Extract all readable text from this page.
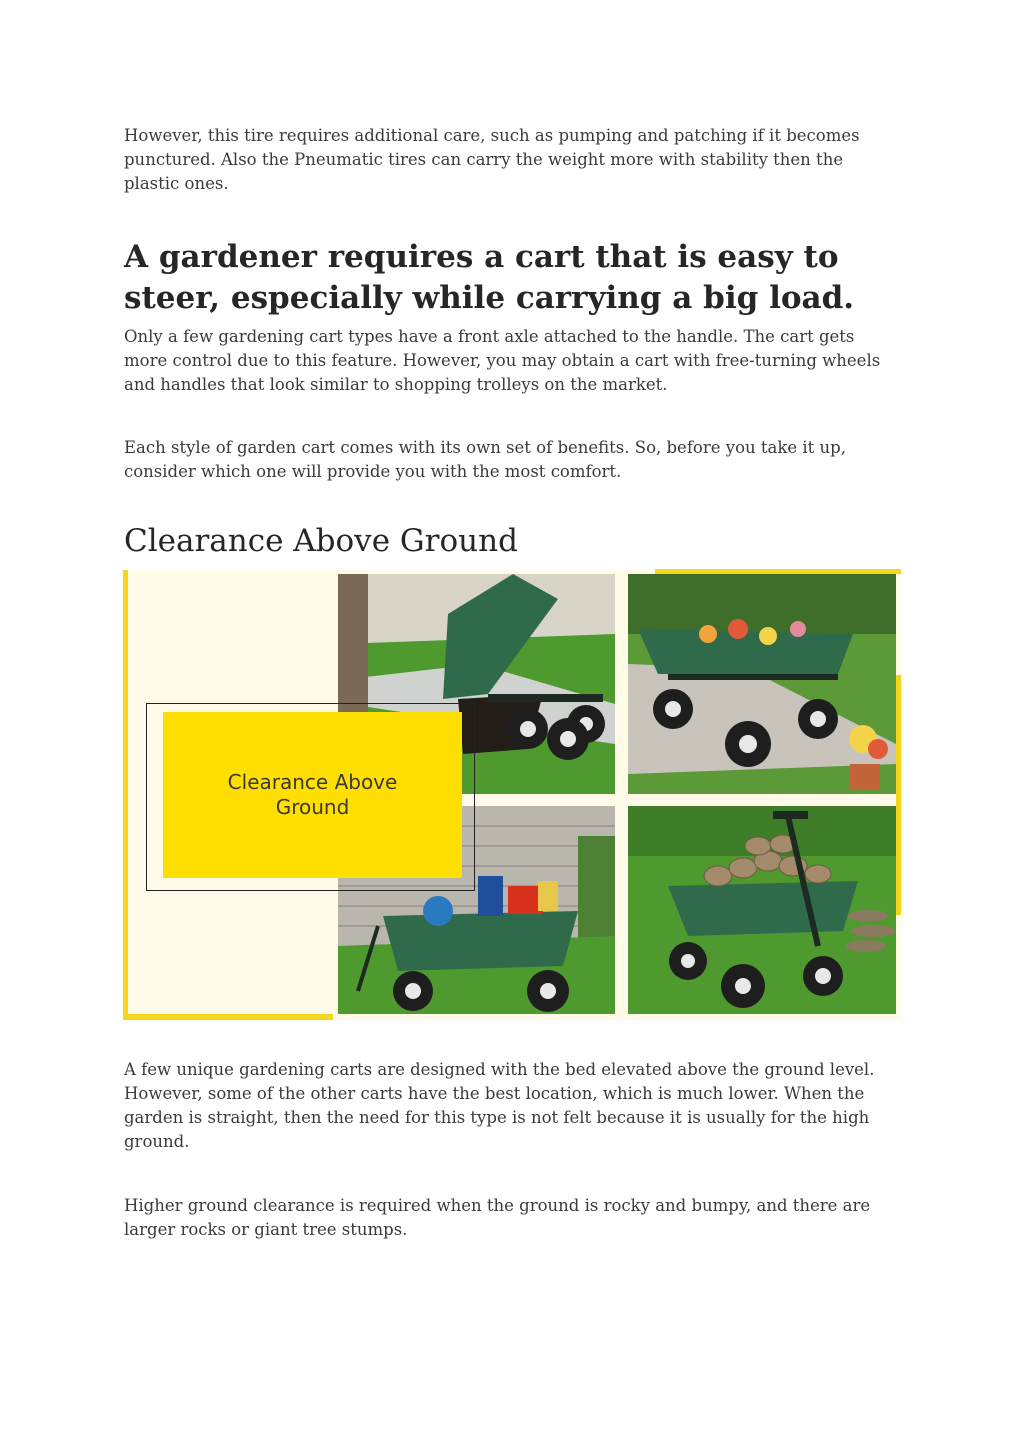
However, this tire requires additional care, such as pumping and patching if it becomes punctured. Also the Pneumatic tires can carry the weight more with stability then the plastic ones.

A gardener requires a cart that is easy to steer, especially while carrying a big load.

Only a few gardening cart types have a front axle attached to the handle. The cart gets more control due to this feature. However, you may obtain a cart with free-turning wheels and handles that look similar to shopping trolleys on the market.

Each style of garden cart comes with its own set of benefits. So, before you take it up, consider which one will provide you with the most comfort.

Clearance Above Ground
Clearance Above Ground

A few unique gardening carts are designed with the bed elevated above the ground level. However, some of the other carts have the best location, which is much lower. When the garden is straight, then the need for this type is not felt because it is usually for the high ground.

Higher ground clearance is required when the ground is rocky and bumpy, and there are larger rocks or giant tree stumps.
